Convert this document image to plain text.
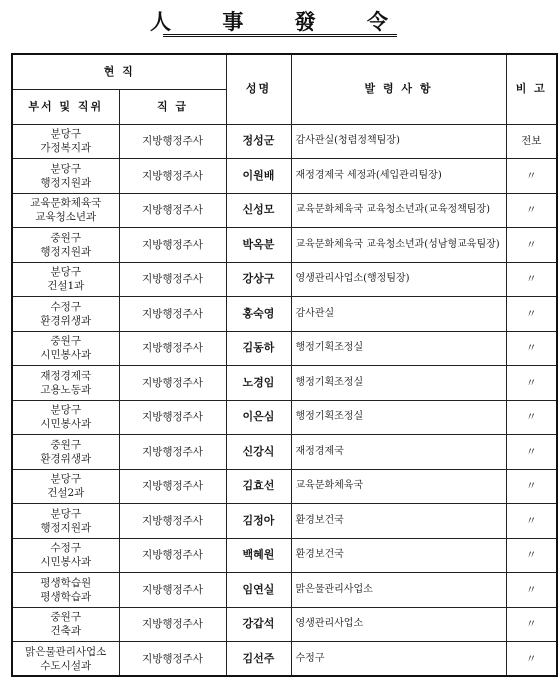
人 事 發 令
현 직		성명	발 령 사 항	비 고
부서 및 직위	직 급			

분당구
가정복지과	지방행정주사	정성군	감사관실(청렴정책팀장)	전보

분당구
행정지원과	지방행정주사	이원배	재정경제국 세정과(세입관리팀장)	〃

교육문화체육국
교육청소년과	지방행정주사	신성모	교육문화체육국 교육청소년과(교육정책팀장)	〃

중원구
행정지원과	지방행정주사	박옥분	교육문화체육국 교육청소년과(성남형교육팀장)	〃

분당구
건설1과	지방행정주사	강상구	영생관리사업소(행정팀장)	〃

수정구
환경위생과	지방행정주사	홍숙영	감사관실	〃

중원구
시민봉사과	지방행정주사	김동하	행정기획조정실	〃

재정경제국
고용노동과	지방행정주사	노경임	행정기획조정실	〃

분당구
시민봉사과	지방행정주사	이은심	행정기획조정실	〃

중원구
환경위생과	지방행정주사	신강식	재정경제국	〃

분당구
건설2과	지방행정주사	김효선	교육문화체육국	〃

분당구
행정지원과	지방행정주사	김정아	환경보건국	〃

수정구
시민봉사과	지방행정주사	백혜원	환경보건국	〃

평생학습원
평생학습과	지방행정주사	임연실	맑은물관리사업소	〃

중원구
건축과	지방행정주사	강갑석	영생관리사업소	〃

맑은물관리사업소
수도시설과	지방행정주사	김선주	수정구	〃
